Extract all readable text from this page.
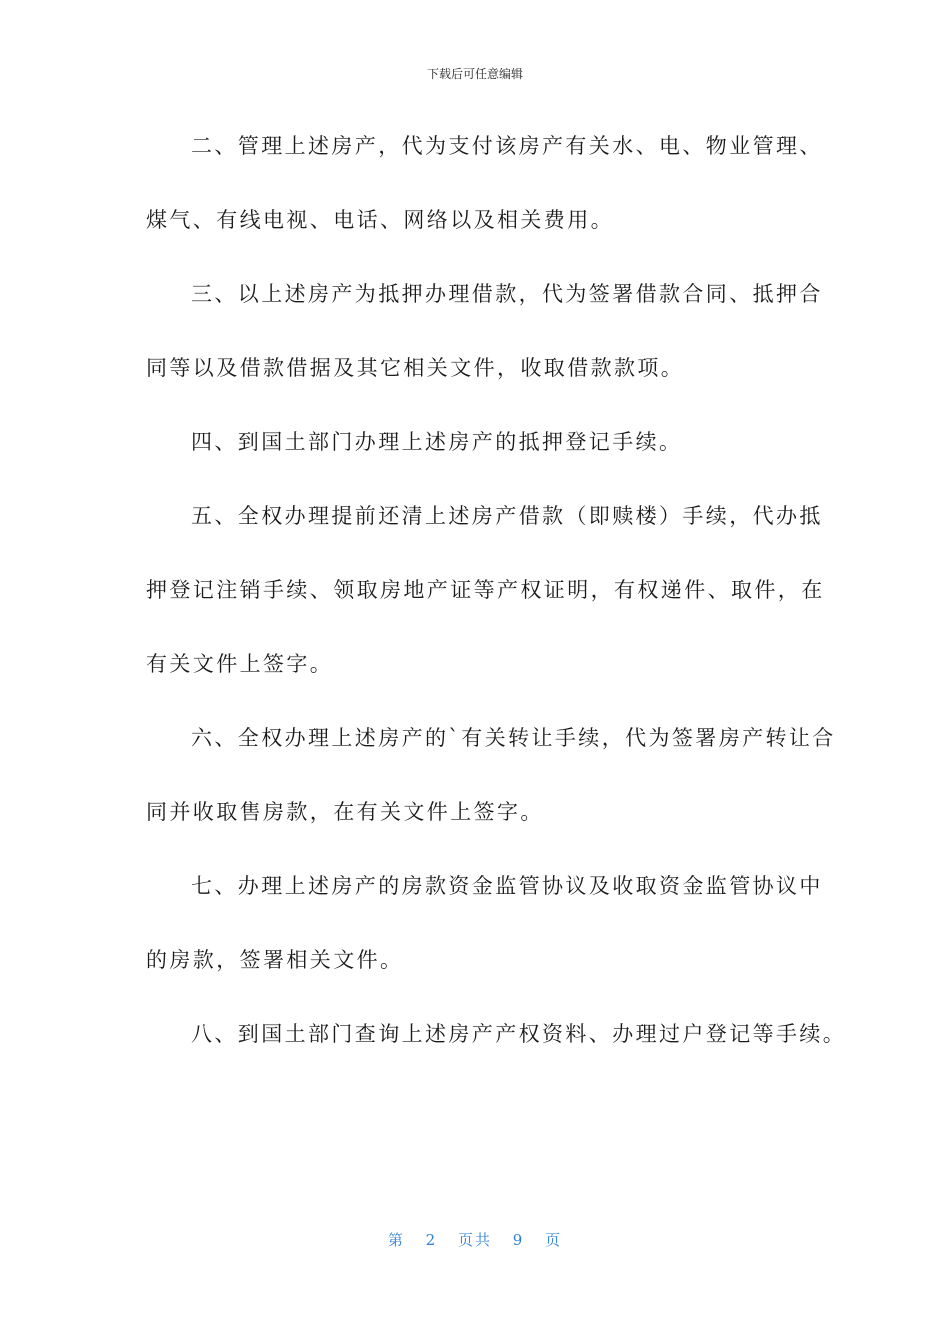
下载后可任意编辑
二、管理上述房产，代为支付该房产有关水、电、物业管理、
煤气、有线电视、电话、网络以及相关费用。
三、以上述房产为抵押办理借款，代为签署借款合同、抵押合
同等以及借款借据及其它相关文件，收取借款款项。
四、到国土部门办理上述房产的抵押登记手续。
五、全权办理提前还清上述房产借款（即赎楼）手续，代办抵
押登记注销手续、领取房地产证等产权证明，有权递件、取件，在
有关文件上签字。
六、全权办理上述房产的`有关转让手续，代为签署房产转让合
同并收取售房款，在有关文件上签字。
七、办理上述房产的房款资金监管协议及收取资金监管协议中
的房款，签署相关文件。
八、到国土部门查询上述房产产权资料、办理过户登记等手续。
第 2 页共 9 页
